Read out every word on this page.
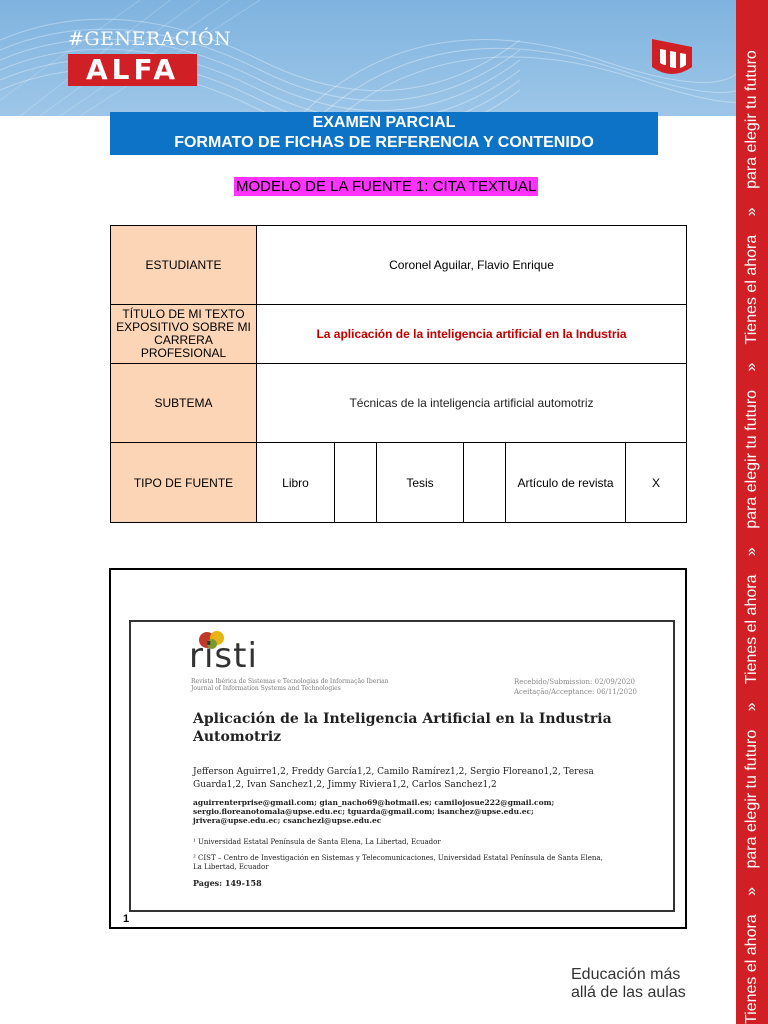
#GENERACIÓN
ALFA
Tienes el ahora » para elegir tu futuro » Tienes el ahora » para elegir tu futuro » Tienes el ahora » para elegir tu futuro
EXAMEN PARCIAL
FORMATO DE FICHAS DE REFERENCIA Y CONTENIDO
MODELO DE LA FUENTE 1: CITA TEXTUAL
ESTUDIANTE	Coronel Aguilar, Flavio Enrique					
TÍTULO DE MI TEXTO EXPOSITIVO SOBRE MI CARRERA PROFESIONAL	La aplicación de la inteligencia artificial en la Industria					
SUBTEMA	Técnicas de la inteligencia artificial automotriz					
TIPO DE FUENTE	Libro		Tesis		Artículo de revista	X
risti
Revista Ibérica de Sistemas e Tecnologias de Informação Iberian Journal of Information Systems and Technologies
Recebido/Submission: 02/09/2020
Aceitação/Acceptance: 06/11/2020
Aplicación de la Inteligencia Artificial en la Industria Automotriz
Jefferson Aguirre1,2, Freddy García1,2, Camilo Ramírez1,2, Sergio Floreano1,2, Teresa Guarda1,2, Ivan Sanchez1,2, Jimmy Riviera1,2, Carlos Sanchez1,2
aguirrenterprise@gmail.com; gian_nacho69@hotmail.es; camilojosue222@gmail.com; sergio.floreanotomala@upse.edu.ec; tguarda@gmail.com; isanchez@upse.edu.ec; jrivera@upse.edu.ec; csanchezl@upse.edu.ec
¹ Universidad Estatal Península de Santa Elena, La Libertad, Ecuador
² CIST – Centro de Investigación en Sistemas y Telecomunicaciones, Universidad Estatal Península de Santa Elena, La Libertad, Ecuador
Pages: 149-158
1
Educación más
allá de las aulas
